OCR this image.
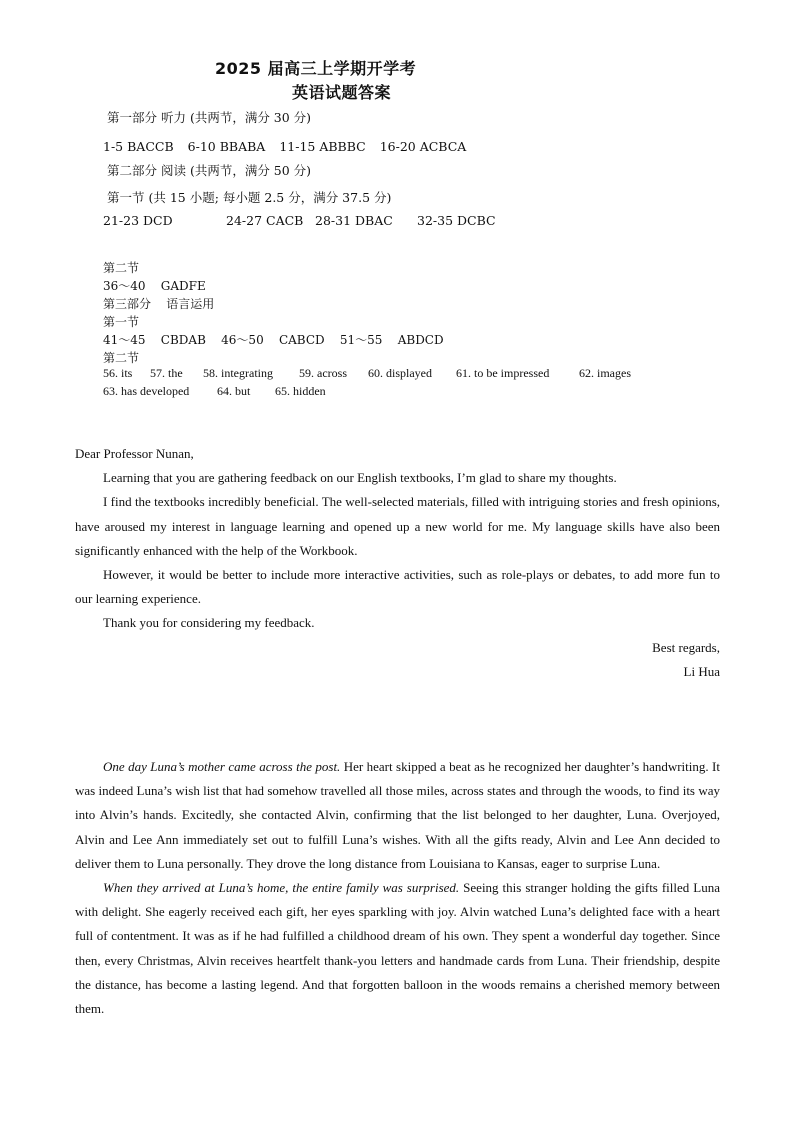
2025 届高三上学期开学考
英语试题答案
第一部分 听力 (共两节，满分 30 分)
1-5 BACCB 6-10 BBABA 11-15 ABBBC 16-20 ACBCA
第二部分 阅读 (共两节，满分 50 分)
第一节 (共 15 小题; 每小题 2.5 分，满分 37.5 分)
21-23 DCD	24-27 CACB 28-31 DBAC 32-35 DCBC
第二节
36～40    GADFE
第三部分    语言运用
第一节
41～45    CBDAB    46～50    CABCD    51～55    ABDCD
第二节
56. its 57. the 58. integrating 59. across 60. displayed 61. to be impressed 62. images
63. has developed 64. but 65. hidden

Dear Professor Nunan,

Learning that you are gathering feedback on our English textbooks, I’m glad to share my thoughts.

I find the textbooks incredibly beneficial. The well-selected materials, filled with intriguing stories and fresh opinions, have aroused my interest in language learning and opened up a new world for me. My language skills have also been significantly enhanced with the help of the Workbook.

However, it would be better to include more interactive activities, such as role-plays or debates, to add more fun to our learning experience.

Thank you for considering my feedback.

Best regards,

Li Hua

One day Luna’s mother came across the post. Her heart skipped a beat as he recognized her daughter’s handwriting. It was indeed Luna’s wish list that had somehow travelled all those miles, across states and through the woods, to find its way into Alvin’s hands. Excitedly, she contacted Alvin, confirming that the list belonged to her daughter, Luna. Overjoyed, Alvin and Lee Ann immediately set out to fulfill Luna’s wishes. With all the gifts ready, Alvin and Lee Ann decided to deliver them to Luna personally. They drove the long distance from Louisiana to Kansas, eager to surprise Luna.

When they arrived at Luna’s home, the entire family was surprised. Seeing this stranger holding the gifts filled Luna with delight. She eagerly received each gift, her eyes sparkling with joy. Alvin watched Luna’s delighted face with a heart full of contentment. It was as if he had fulfilled a childhood dream of his own. They spent a wonderful day together. Since then, every Christmas, Alvin receives heartfelt thank-you letters and handmade cards from Luna. Their friendship, despite the distance, has become a lasting legend. And that forgotten balloon in the woods remains a cherished memory between them.
